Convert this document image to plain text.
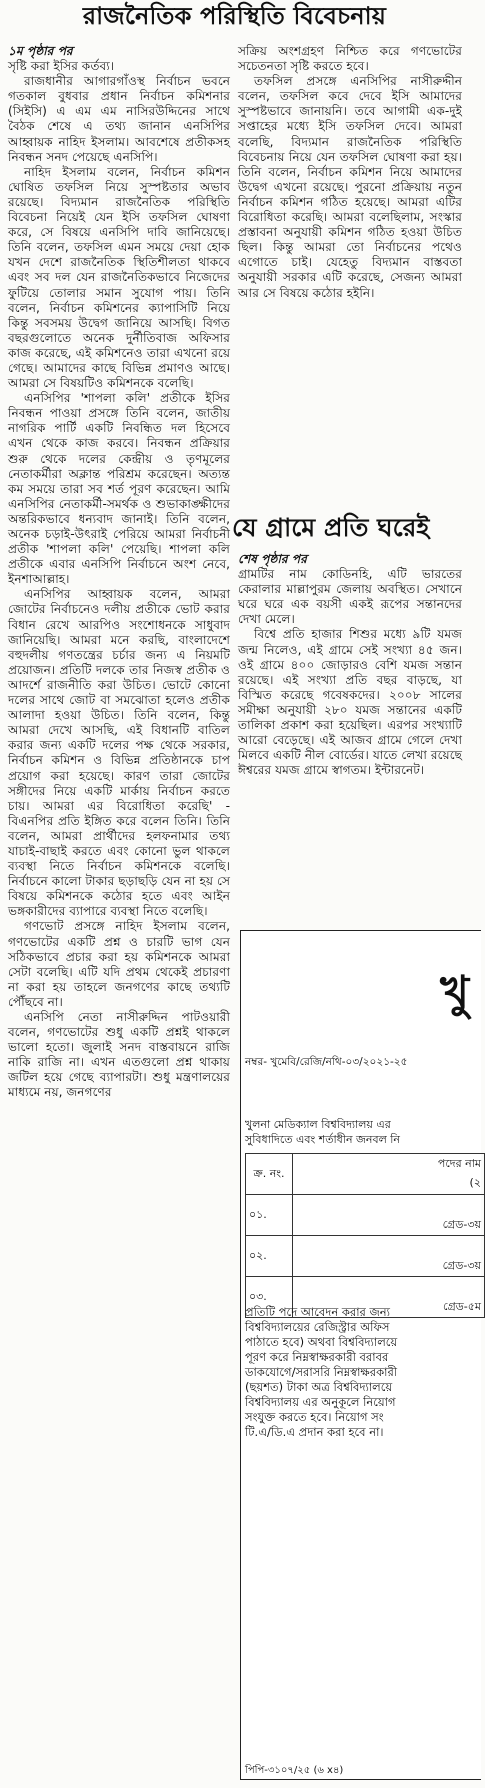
রাজনৈতিক পরিস্থিতি বিবেচনায়

১ম পৃষ্ঠার পর

সৃষ্টি করা ইসির কর্তব্য।

রাজধানীর আগারগাঁওস্থ নির্বাচন ভবনে গতকাল বুধবার প্রধান নির্বাচন কমিশনার (সিইসি) এ এম এম নাসিরউদ্দিনের সাথে বৈঠক শেষে এ তথ্য জানান এনসিপির আহ্বায়ক নাহিদ ইসলাম। আবশেষে প্রতীকসহ নিবন্ধন সনদ পেয়েছে এনসিপি।

নাহিদ ইসলাম বলেন, নির্বাচন কমিশন ঘোষিত তফসিল নিয়ে সুস্পষ্টতার অভাব রয়েছে। বিদ্যমান রাজনৈতিক পরিস্থিতি বিবেচনা নিয়েই যেন ইসি তফসিল ঘোষণা করে, সে বিষয়ে এনসিপি দাবি জানিয়েছে। তিনি বলেন, তফসিল এমন সময়ে দেয়া হোক যখন দেশে রাজনৈতিক স্থিতিশীলতা থাকবে এবং সব দল যেন রাজনৈতিকভাবে নিজেদের ফুটিয়ে তোলার সমান সুযোগ পায়। তিনি বলেন, নির্বাচন কমিশনের ক্যাপাসিটি নিয়ে কিন্তু সবসময় উদ্বেগ জানিয়ে আসছি। বিগত বছরগুলোতে অনেক দুর্নীতিবাজ অফিসার কাজ করেছে, এই কমিশনেও তারা এখনো রয়ে গেছে। আমাদের কাছে বিভিন্ন প্রমাণও আছে। আমরা সে বিষয়টিও কমিশনকে বলেছি।

এনসিপির 'শাপলা কলি' প্রতীকে ইসির নিবন্ধন পাওয়া প্রসঙ্গে তিনি বলেন, জাতীয় নাগরিক পার্টি একটি নিবন্ধিত দল হিসেবে এখন থেকে কাজ করবে। নিবন্ধন প্রক্রিয়ার শুরু থেকে দলের কেন্দ্রীয় ও তৃণমূলের নেতাকর্মীরা অক্লান্ত পরিশ্রম করেছেন। অত্যন্ত কম সময়ে তারা সব শর্ত পূরণ করেছেন। আমি এনসিপির নেতাকর্মী-সমর্থক ও শুভাকাঙ্ক্ষীদের অন্তরিকভাবে ধন্যবাদ জানাই। তিনি বলেন, অনেক চড়াই-উৎরাই পেরিয়ে আমরা নির্বাচনী প্রতীক 'শাপলা কলি' পেয়েছি। শাপলা কলি প্রতীকে এবার এনসিপি নির্বাচনে অংশ নেবে, ইনশাআল্লাহ।

এনসিপির আহ্বায়ক বলেন, আমরা জোটের নির্বাচনেও দলীয় প্রতীকে ভোট করার বিধান রেখে আরপিও সংশোধনকে সাধুবাদ জানিয়েছি। আমরা মনে করছি, বাংলাদেশে বহুদলীয় গণতন্ত্রের চর্চার জন্য এ নিয়মটি প্রয়োজন। প্রতিটি দলকে তার নিজস্ব প্রতীক ও আদর্শে রাজনীতি করা উচিত। ভোটে কোনো দলের সাথে জোট বা সমঝোতা হলেও প্রতীক আলাদা হওয়া উচিত। তিনি বলেন, কিন্তু আমরা দেখে আসছি, এই বিধানটি বাতিল করার জন্য একটি দলের পক্ষ থেকে সরকার, নির্বাচন কমিশন ও বিভিন্ন প্রতিষ্ঠানকে চাপ প্রয়োগ করা হয়েছে। কারণ তারা জোটের সঙ্গীদের নিয়ে একটি মার্কায় নির্বাচন করতে চায়। আমরা এর বিরোধিতা করেছি' - বিএনপির প্রতি ইঙ্গিত করে বলেন তিনি। তিনি বলেন, আমরা প্রার্থীদের হলফনামার তথ্য যাচাই-বাছাই করতে এবং কোনো ভুল থাকলে ব্যবস্থা নিতে নির্বাচন কমিশনকে বলেছি। নির্বাচনে কালো টাকার ছড়াছড়ি যেন না হয় সে বিষয়ে কমিশনকে কঠোর হতে এবং আইন ভঙ্গকারীদের ব্যাপারে ব্যবস্থা নিতে বলেছি।

গণভোট প্রসঙ্গে নাহিদ ইসলাম বলেন, গণভোটের একটি প্রশ্ন ও চারটি ভাগ যেন সঠিকভাবে প্রচার করা হয় কমিশনকে আমরা সেটা বলেছি। এটি যদি প্রথম থেকেই প্রচারণা না করা হয় তাহলে জনগণের কাছে তথ্যটি পৌঁছবে না।

এনসিপি নেতা নাসীরুদ্দিন পাটওয়ারী বলেন, গণভোটের শুধু একটি প্রশ্নই থাকলে ভালো হতো। জুলাই সনদ বাস্তবায়নে রাজি নাকি রাজি না। এখন এতগুলো প্রশ্ন থাকায় জটিল হয়ে গেছে ব্যাপারটা। শুধু মন্ত্রণালয়ের মাধ্যমে নয়, জনগণের

সক্রিয় অংশগ্রহণ নিশ্চিত করে গণভোটের সচেতনতা সৃষ্টি করতে হবে।

তফসিল প্রসঙ্গে এনসিপির নাসীরুদ্দীন বলেন, তফসিল কবে দেবে ইসি আমাদের সুস্পষ্টভাবে জানায়নি। তবে আগামী এক-দুই সপ্তাহের মধ্যে ইসি তফসিল দেবে। আমরা বলেছি, বিদ্যমান রাজনৈতিক পরিস্থিতি বিবেচনায় নিয়ে যেন তফসিল ঘোষণা করা হয়। তিনি বলেন, নির্বাচন কমিশন নিয়ে আমাদের উদ্বেগ এখনো রয়েছে। পুরনো প্রক্রিয়ায় নতুন নির্বাচন কমিশন গঠিত হয়েছে। আমরা এটির বিরোধিতা করেছি। আমরা বলেছিলাম, সংস্কার প্রস্তাবনা অনুযায়ী কমিশন গঠিত হওয়া উচিত ছিল। কিন্তু আমরা তো নির্বাচনের পথেও এগোতে চাই। যেহেতু বিদ্যমান বাস্তবতা অনুযায়ী সরকার এটি করেছে, সেজন্য আমরা আর সে বিষয়ে কঠোর হইনি।

যে গ্রামে প্রতি ঘরেই

শেষ পৃষ্ঠার পর

গ্রামটির নাম কোডিনহি, এটি ভারতের কেরালার মাল্লাপুরম জেলায় অবস্থিত। সেখানে ঘরে ঘরে এক বয়সী একই রূপের সন্তানদের দেখা মেলে।

বিশ্বে প্রতি হাজার শিশুর মধ্যে ৯টি যমজ জন্ম নিলেও, এই গ্রামে সেই সংখ্যা ৪৫ জন। ওই গ্রামে ৪০০ জোড়ারও বেশি যমজ সন্তান রয়েছে। এই সংখ্যা প্রতি বছর বাড়ছে, যা বিস্মিত করেছে গবেষকদের। ২০০৮ সালের সমীক্ষা অনুযায়ী ২৮০ যমজ সন্তানের একটি তালিকা প্রকাশ করা হয়েছিল। এরপর সংখ্যাটি আরো বেড়েছে। এই আজব গ্রামে গেলে দেখা মিলবে একটি নীল বোর্ডের। যাতে লেখা রয়েছে ঈশ্বরের যমজ গ্রামে স্বাগতম। ইন্টারনেট।

খু
নম্বর- খুমেবি/রেজি/নথি-০৩/২০২১-২৫
খুলনা মেডিক্যাল বিশ্ববিদ্যালয় এর
সুবিধাদিতে এবং শর্তাধীন জনবল নি
ক্র. নং.	পদের নাম
(২
০১.	গ্রেড-৩য়
০২.	গ্রেড-৩য়
০৩.	গ্রেড-৫ম
প্রতিটি পদে আবেদন করার জন্য
বিশ্ববিদ্যালয়ের রেজিস্ট্রার অফিস
পাঠাতে হবে) অথবা বিশ্ববিদ্যালয়ে
পূরণ করে নিম্নস্বাক্ষরকারী বরাবর
ডাকযোগে/সরাসরি নিম্নস্বাক্ষরকারী
(ছয়শত) টাকা অত্র বিশ্ববিদ্যালয়ে
বিশ্ববিদ্যালয় এর অনুকূলে নিয়োগ
সংযুক্ত করতে হবে। নিয়োগ সং
টি.এ/ডি.এ প্রদান করা হবে না।
পিপি-৩১০৭/২৫ (৬ x৪)
